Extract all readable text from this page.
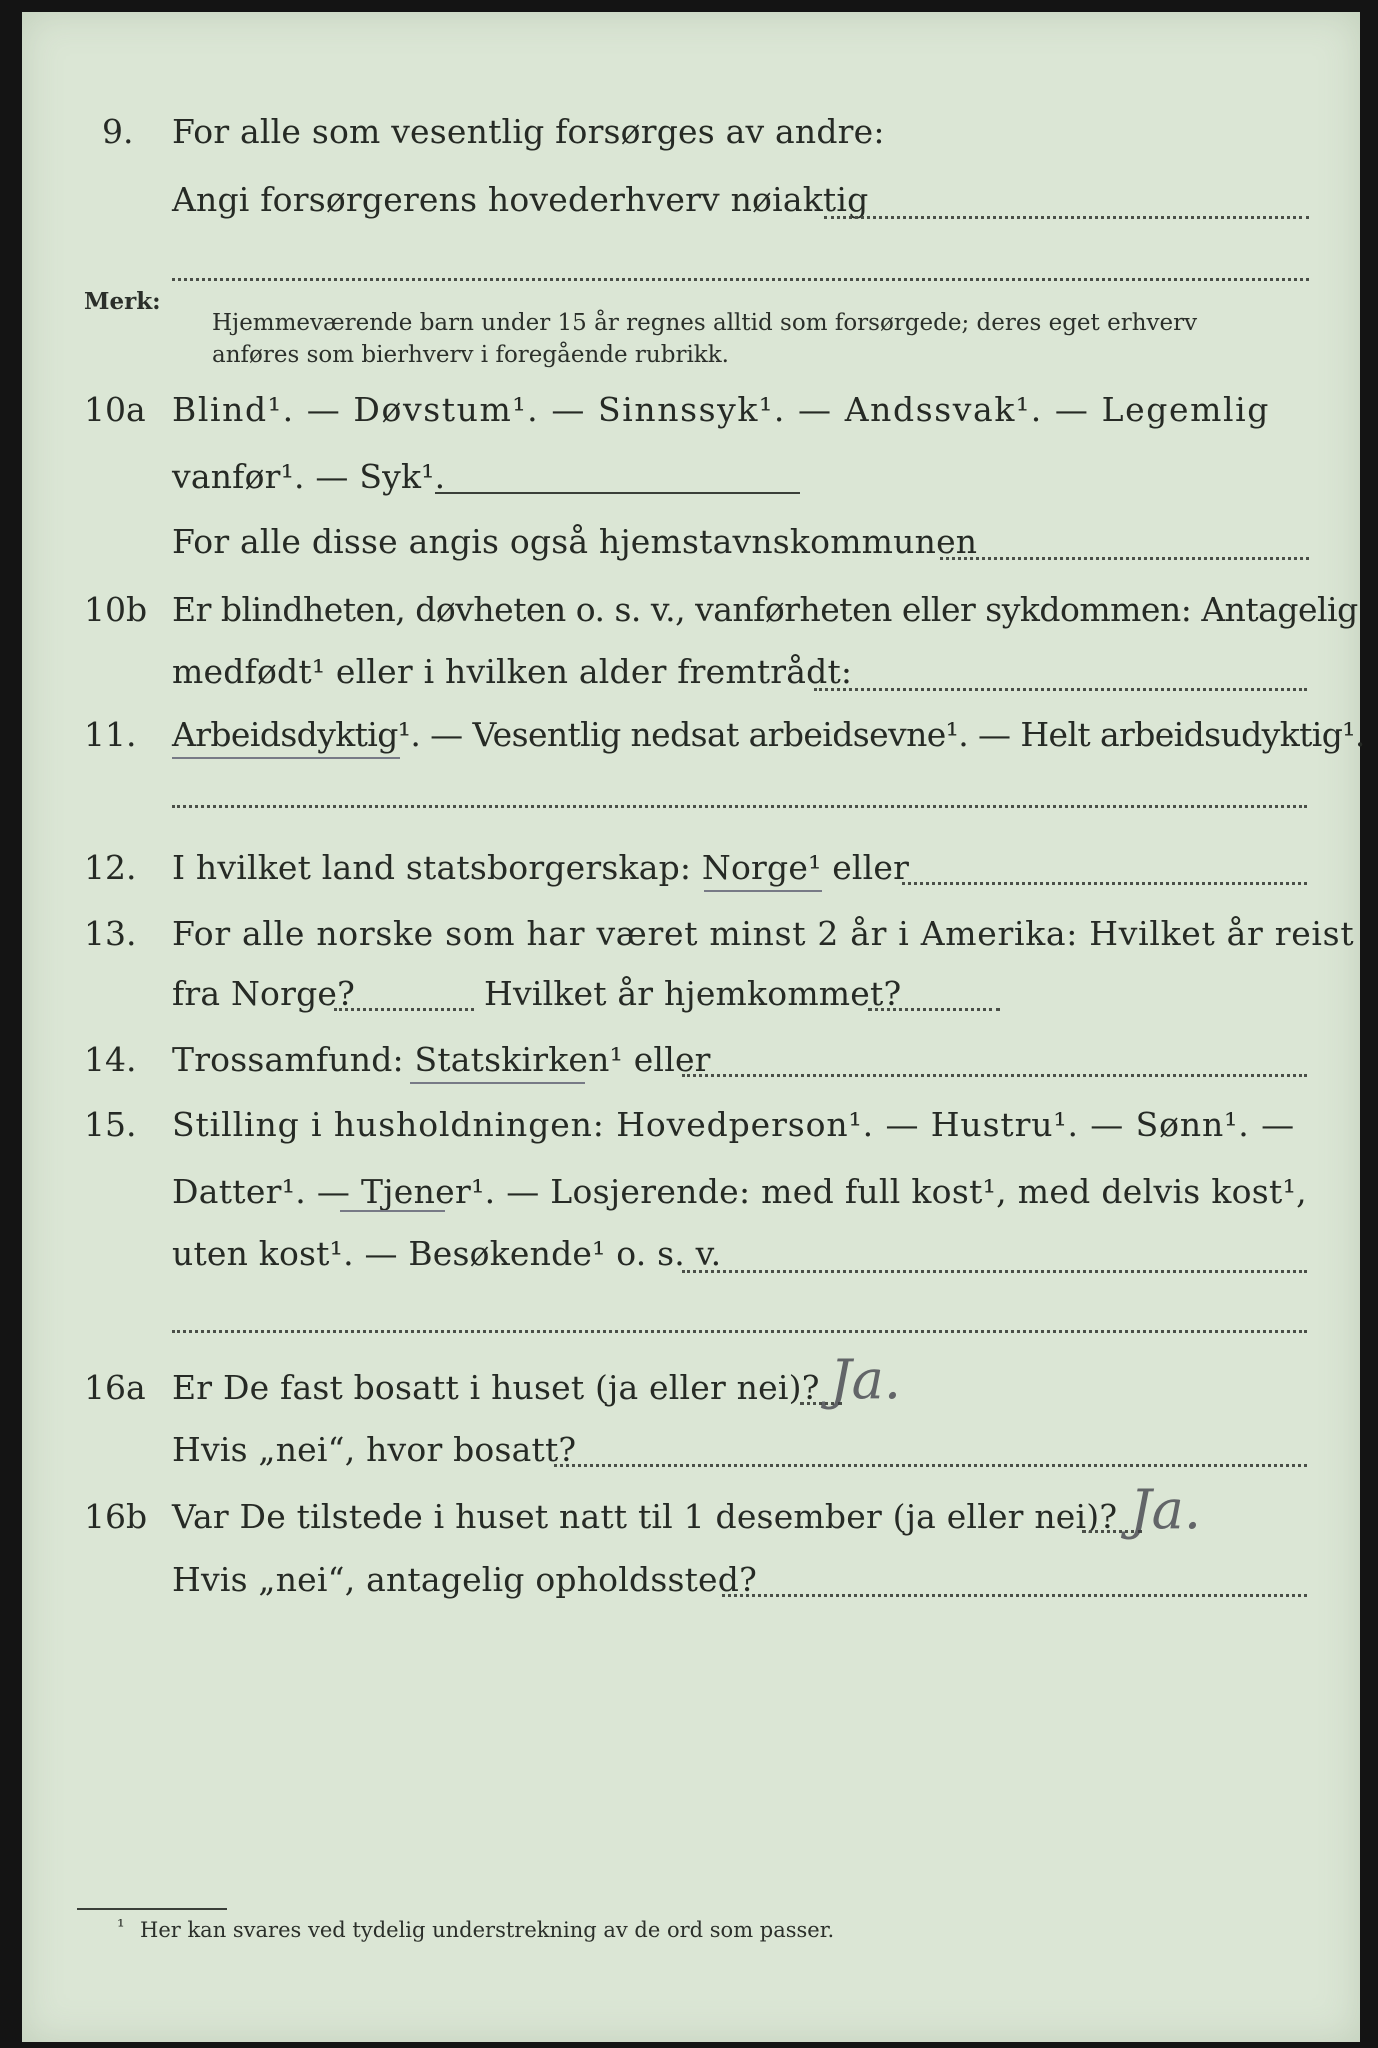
9. For alle som vesentlig forsørges av andre:
Angi forsørgerens hovederhverv nøiaktig
Merk:
Hjemmeværende barn under 15 år regnes alltid som forsørgede; deres eget erhverv
anføres som bierhverv i foregående rubrikk.
10a Blind¹. — Døvstum¹. — Sinnssyk¹. — Andssvak¹. — Legemlig
vanfør¹. — Syk¹.
For alle disse angis også hjemstavnskommunen
10b Er blindheten, døvheten o. s. v., vanførheten eller sykdommen: Antagelig
medfødt¹ eller i hvilken alder fremtrådt:
11. Arbeidsdyktig¹. — Vesentlig nedsat arbeidsevne¹. — Helt arbeidsudyktig¹.
12. I hvilket land statsborgerskap: Norge¹ eller
13. For alle norske som har været minst 2 år i Amerika: Hvilket år reist
fra Norge?	Hvilket år hjemkommet?
14. Trossamfund: Statskirken¹ eller
15. Stilling i husholdningen: Hovedperson¹. — Hustru¹. — Sønn¹. —
Datter¹. — Tjener¹. — Losjerende: med full kost¹, med delvis kost¹,
uten kost¹. — Besøkende¹ o. s. v.
16a Er De fast bosatt i huset (ja eller nei)? Ja.
Hvis „nei“, hvor bosatt?
16b Var De tilstede i huset natt til 1 desember (ja eller nei)? Ja.
Hvis „nei“, antagelig opholdssted?
¹ Her kan svares ved tydelig understrekning av de ord som passer.
